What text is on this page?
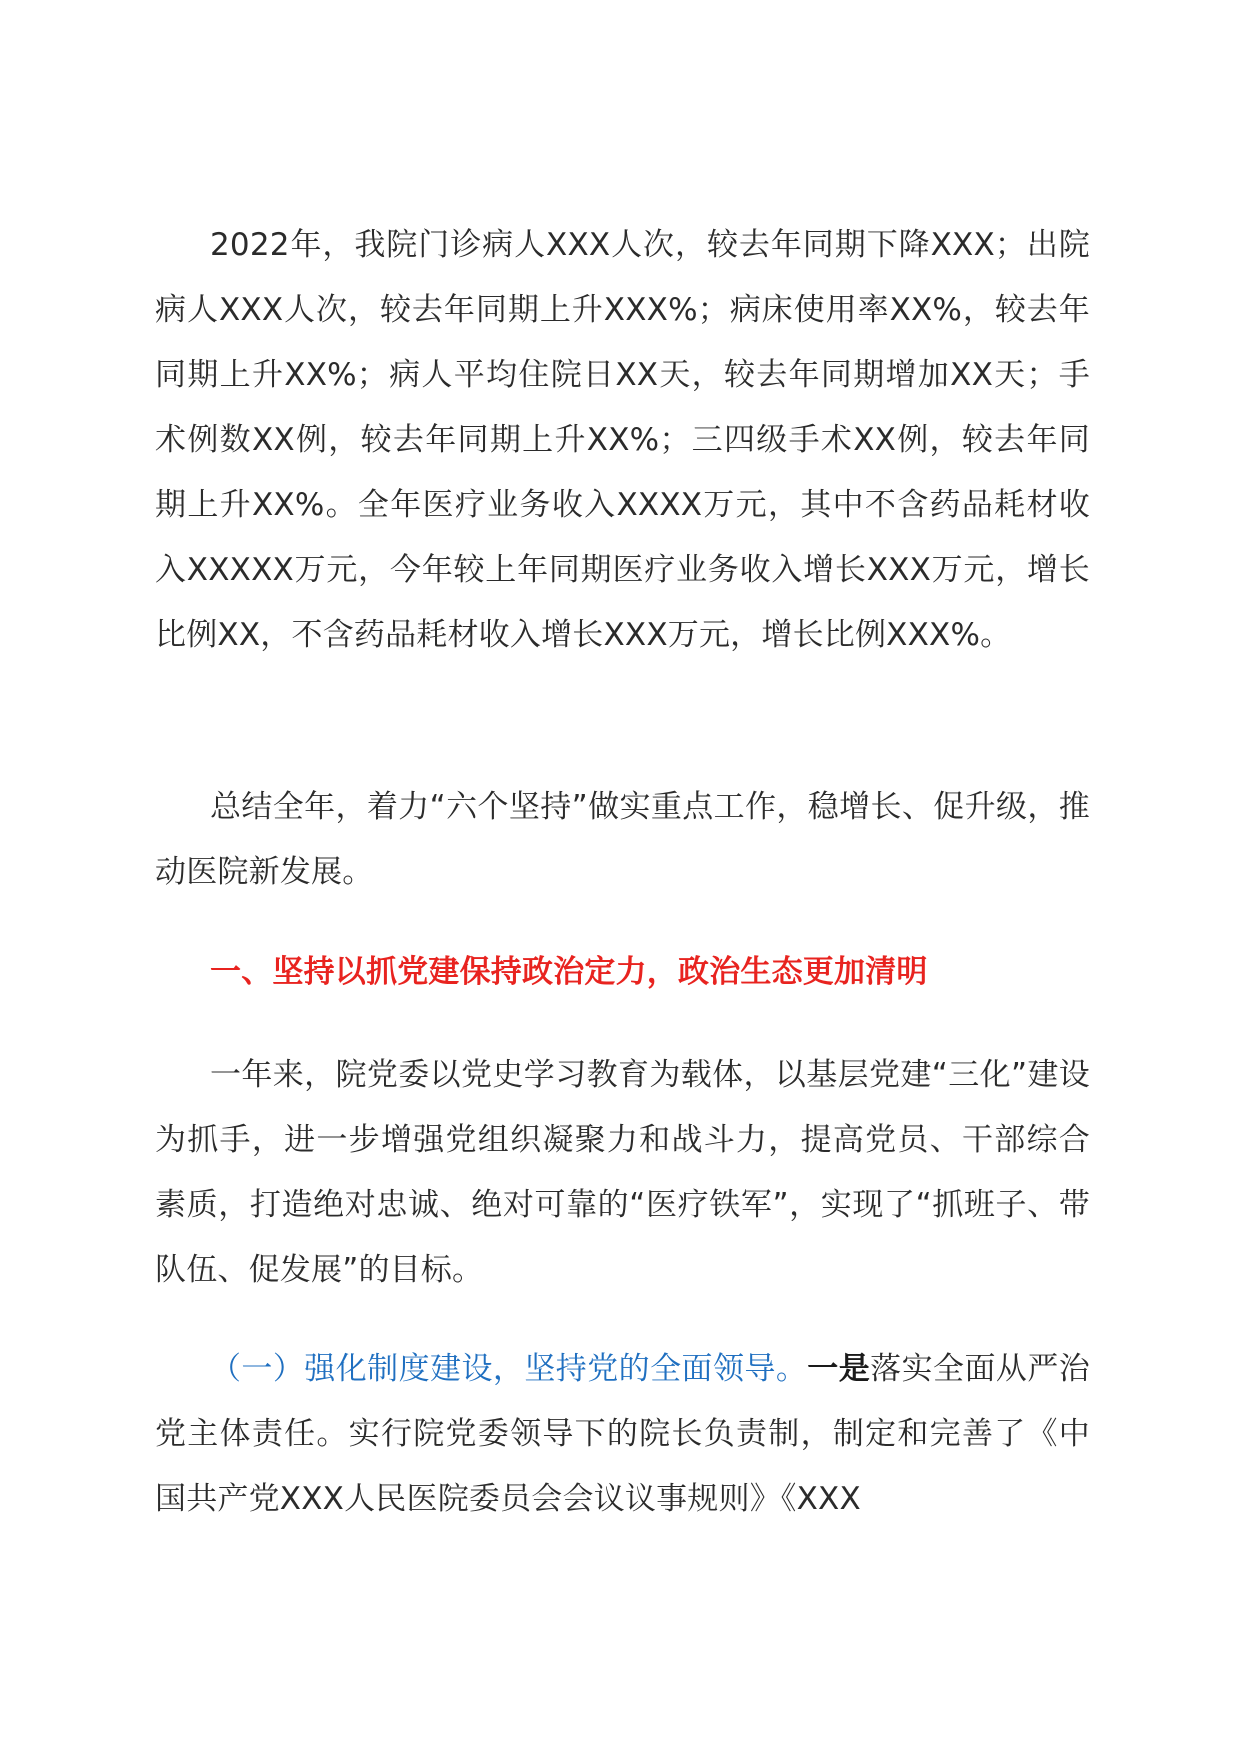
2022年，我院门诊病人XXX人次，较去年同期下降XXX；出院病人XXX人次，较去年同期上升XXX%；病床使用率XX%，较去年同期上升XX%；病人平均住院日XX天，较去年同期增加XX天；手术例数XX例，较去年同期上升XX%；三四级手术XX例，较去年同期上升XX%。全年医疗业务收入XXXX万元，其中不含药品耗材收入XXXXX万元，今年较上年同期医疗业务收入增长XXX万元，增长比例XX，不含药品耗材收入增长XXX万元，增长比例XXX%。

总结全年，着力“六个坚持”做实重点工作，稳增长、促升级，推动医院新发展。

一、坚持以抓党建保持政治定力，政治生态更加清明

一年来，院党委以党史学习教育为载体，以基层党建“三化”建设为抓手，进一步增强党组织凝聚力和战斗力，提高党员、干部综合素质，打造绝对忠诚、绝对可靠的“医疗铁军”，实现了“抓班子、带队伍、促发展”的目标。

（一）强化制度建设，坚持党的全面领导。一是落实全面从严治党主体责任。实行院党委领导下的院长负责制，制定和完善了《中国共产党XXX人民医院委员会会议议事规则》《XXX
